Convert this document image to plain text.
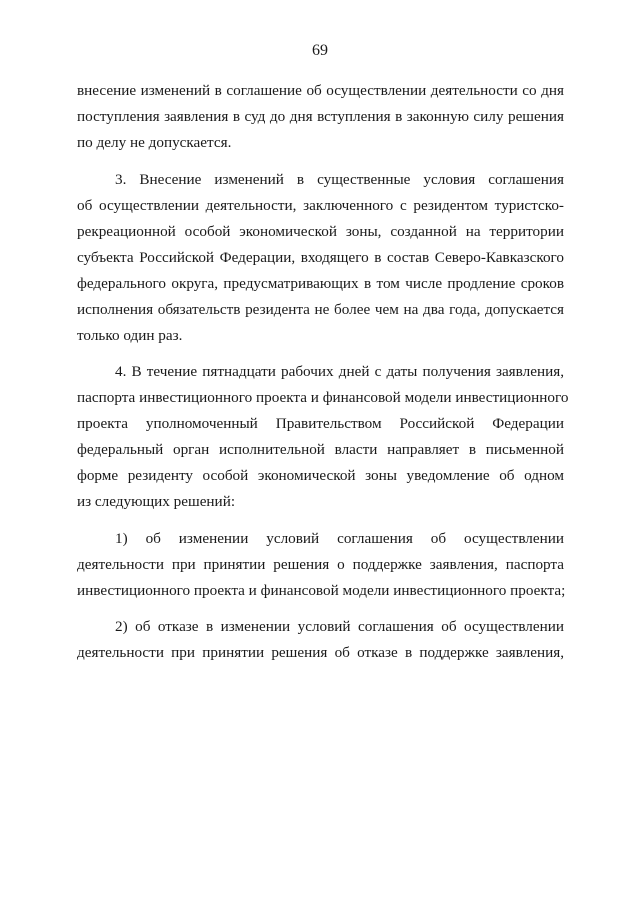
69
внесение изменений в соглашение об осуществлении деятельности со дня
поступления заявления в суд до дня вступления в законную силу решения
по делу не допускается.
3. Внесение изменений в существенные условия соглашения
об осуществлении деятельности, заключенного с резидентом туристско-
рекреационной особой экономической зоны, созданной на территории
субъекта Российской Федерации, входящего в состав Северо-Кавказского
федерального округа, предусматривающих в том числе продление сроков
исполнения обязательств резидента не более чем на два года, допускается
только один раз.
4. В течение пятнадцати рабочих дней с даты получения заявления,
паспорта инвестиционного проекта и финансовой модели инвестиционного
проекта уполномоченный Правительством Российской Федерации
федеральный орган исполнительной власти направляет в письменной
форме резиденту особой экономической зоны уведомление об одном
из следующих решений:
1) об изменении условий соглашения об осуществлении
деятельности при принятии решения о поддержке заявления, паспорта
инвестиционного проекта и финансовой модели инвестиционного проекта;
2) об отказе в изменении условий соглашения об осуществлении
деятельности при принятии решения об отказе в поддержке заявления,
